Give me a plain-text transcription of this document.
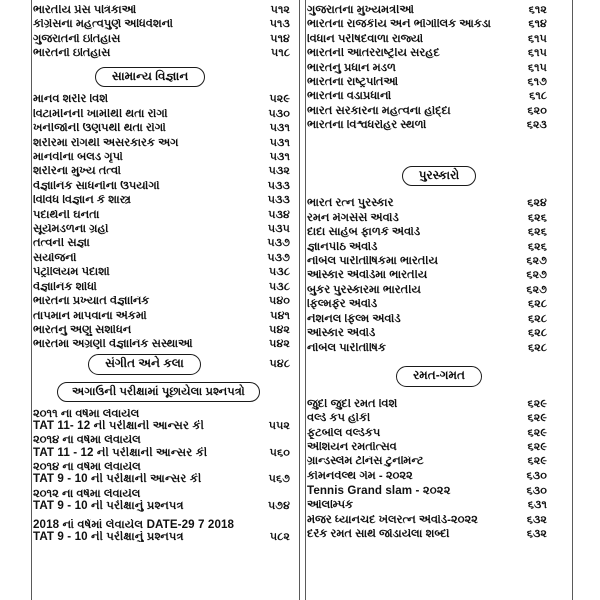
ભારતીય પ્રેસ પત્રિકાઓ	૫૧૨
કોંગ્રેસનાં મહત્વપુર્ણ અધિવેશનો	૫૧૩
ગુજરાતનો ઇતિહાસ	૫૧૪
ભારતનો ઇતિહાસ	૫૧૮
સામાન્ય વિજ્ઞાન
માનવ શરીર વિશે	૫૨૯
વિટામીનની ખામીથી થતા રોગો	૫૩૦
ખનીજોની ઉણપથી થતા રોગો	૫૩૧
શરીરમાં રોગથી અસરકારક અંગ	૫૩૧
માનવીના બલડ ગૃપો	૫૩૧
શરીરના મુખ્ય તત્વો	૫૩૨
વૈજ્ઞાનિક સાધનોના ઉપયોગો	૫૩૩
વિવિધ વિજ્ઞાન કે શાસ્ત્ર	૫૩૩
પદાર્થની ઘનતા	૫૩૪
સૂર્યમંડળના ગ્રહો	૫૩૫
તત્વની સંજ્ઞા	૫૩૭
સંયોજનો	૫૩૭
પેટ્રોલિયમ પેદાશો	૫૩૮
વૈજ્ઞાનિક શોધો	૫૩૮
ભારતના પ્રખ્યાત વૈજ્ઞાનિક	૫૪૦
તાપમાન માપવાના એકમો	૫૪૧
ભારતનું અણુ સંશોધન	૫૪૨
ભારતમાં અગ્રણી વૈજ્ઞાનિક સંસ્થાઓ	૫૪૨
સંગીત અને કલા	૫૪૮
અગાઉની પરીક્ષામાં પૂછાયેલા પ્રશ્નપત્રો
૨૦૧૧ નાં વર્ષમાં લેવાયેલ
TAT 11- 12 ની પરીક્ષાની આન્સર કી	૫૫૨
૨૦૧૪ નાં વર્ષમાં લેવાયેલ
TAT 11 - 12 ની પરીક્ષાની આન્સર કી	૫૬૦
૨૦૧૪ નાં વર્ષમાં લેવાયેલ
TAT 9 - 10 ની પરીક્ષાની આન્સર કી	૫૬૭
૨૦૧૨ નાં વર્ષમાં લેવાયેલ
TAT 9 - 10 ની પરીક્ષાનું પ્રશ્નપત્ર	૫૭૪
2018 નાં વર્ષમાં લેવાયેલ DATE-29 7 2018
TAT 9 - 10 ની પરીક્ષાનું પ્રશ્નપત્ર	૫૮૨
ગુજરાતના મુખ્યમંત્રીઓ	૬૧૨
ભારતના રાજકીય અને ભૌગોલિક આંકડા	૬૧૪
વિધાન પરીષદવાળા રાજ્યો	૬૧૫
ભારતની આંતરરાષ્ટ્રીય સરહદ	૬૧૫
ભારતનું પ્રધાન મંડળ	૬૧૫
ભારતના રાષ્ટ્રપતિઓ	૬૧૭
ભારતના વડાપ્રધાનો	૬૧૮
ભારત સરકારના મહત્વના હોદ્દા	૬૨૦
ભારતના વિશ્વધરોહર સ્થળો	૬૨૩
પુરસ્કારો
ભારત રત્ન પુરસ્કાર	૬૨૪
રમન મેગસેસે એવોર્ડ	૬૨૬
દાદા સાહેબ ફાળકે એવોર્ડ	૬૨૬
જ્ઞાનપીઠ એવોર્ડ	૬૨૬
નોબેલ પારીતોષિકમાં ભારતીય	૬૨૭
ઓસ્કાર એવોર્ડમાં ભારતીય	૬૨૭
બુકર પુરસ્કારમાં ભારતીય	૬૨૭
ફિલ્મફેર એવોર્ડ	૬૨૮
નેશનલ ફિલ્મ એવોર્ડ	૬૨૮
ઓસ્કાર એવોર્ડ	૬૨૮
નોબેલ પારીતોષિક	૬૨૮
રમત-ગમત
જુદી જુદી રમત વિશે	૬૨૯
વર્લ્ડ કપ હોકી	૬૨૯
ફૂટબોલ વર્લ્ડકપ	૬૨૯
એશિયન રમતોત્સવ	૬૨૯
ગ્રાન્ડસ્લેમ ટેનિસ ટુનમિન્ટ	૬૨૯
કોમનવેલ્થ ગેમ - ૨૦૨૨	૬૩૦
Tennis Grand slam - ૨૦૨૨	૬૩૦
ઓલમ્પિક	૬૩૧
મેજર ધ્યાનચંદ ખેલરત્ન એવોર્ડ-૨૦૨૨	૬૩૨
દરેક રમત સાથે જોડાયેલા શબ્દો	૬૩૨
